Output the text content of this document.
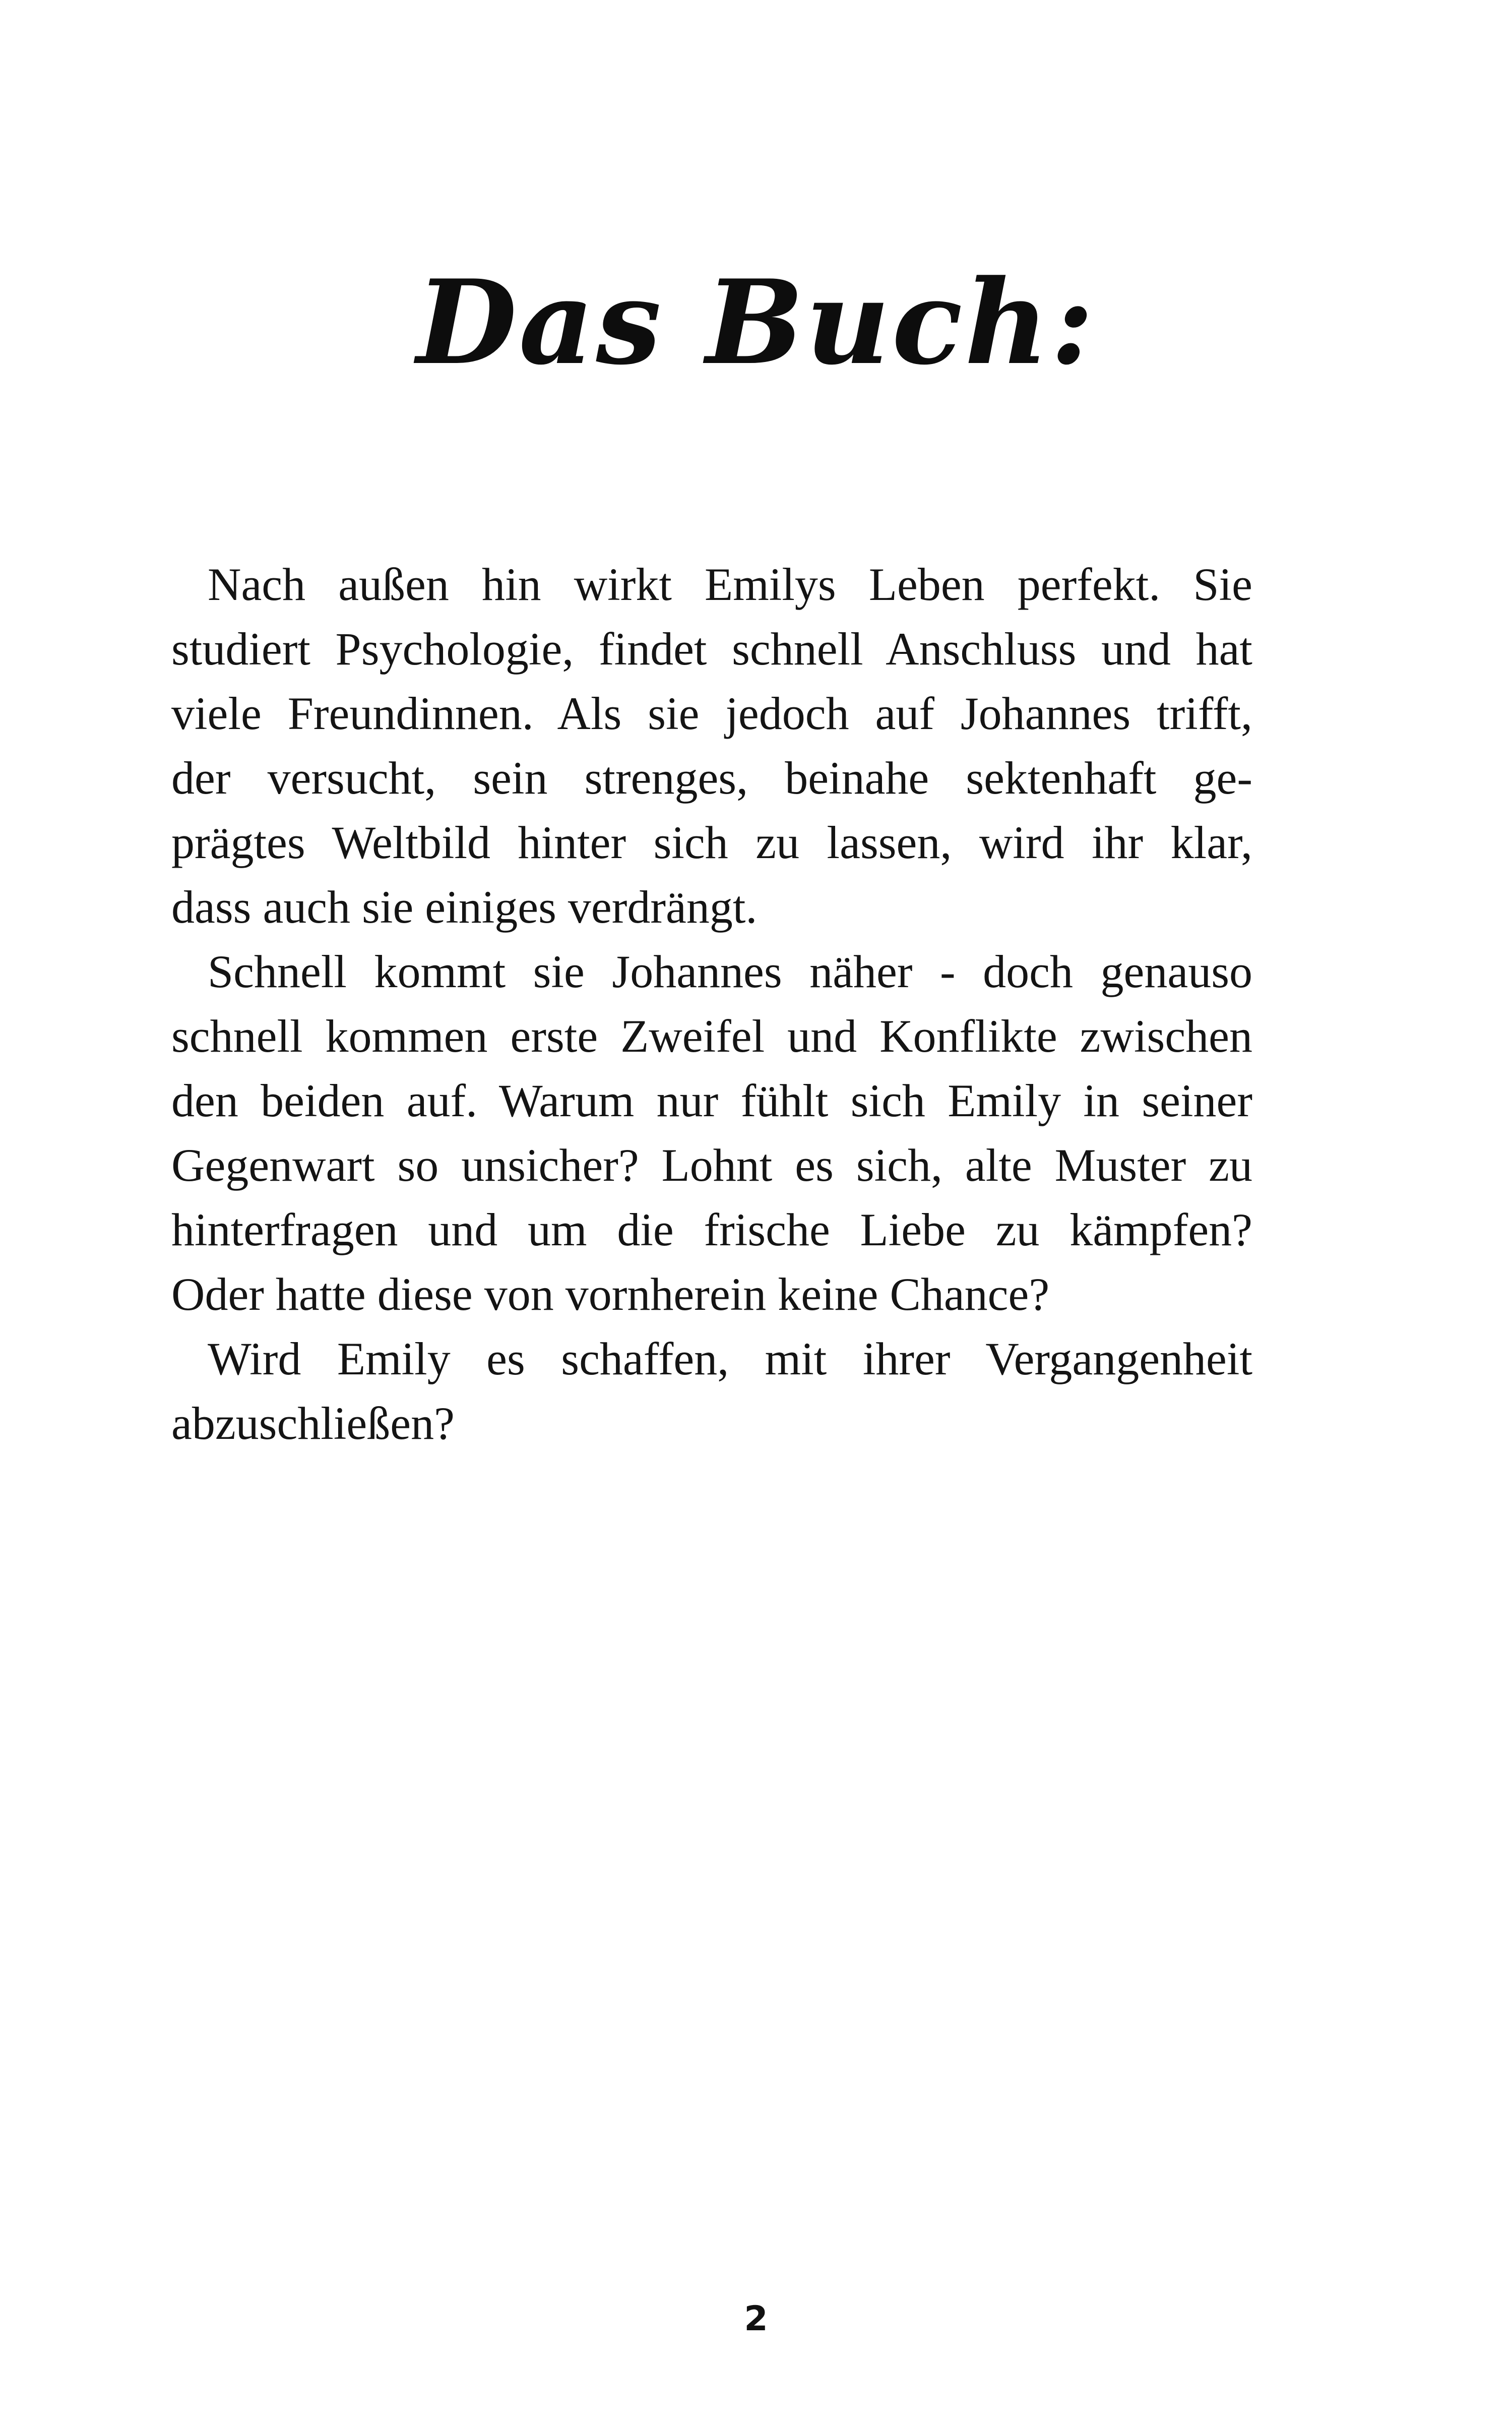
Das Buch:
Nach außen hin wirkt Emilys Leben perfekt. Sie
studiert Psychologie, findet schnell Anschluss und hat
viele Freundinnen. Als sie jedoch auf Johannes trifft,
der versucht, sein strenges, beinahe sektenhaft ge-
prägtes Weltbild hinter sich zu lassen, wird ihr klar,
dass auch sie einiges verdrängt.
Schnell kommt sie Johannes näher - doch genauso
schnell kommen erste Zweifel und Konflikte zwischen
den beiden auf. Warum nur fühlt sich Emily in seiner
Gegenwart so unsicher? Lohnt es sich, alte Muster zu
hinterfragen und um die frische Liebe zu kämpfen?
Oder hatte diese von vornherein keine Chance?
Wird Emily es schaffen, mit ihrer Vergangenheit
abzuschließen?
2
